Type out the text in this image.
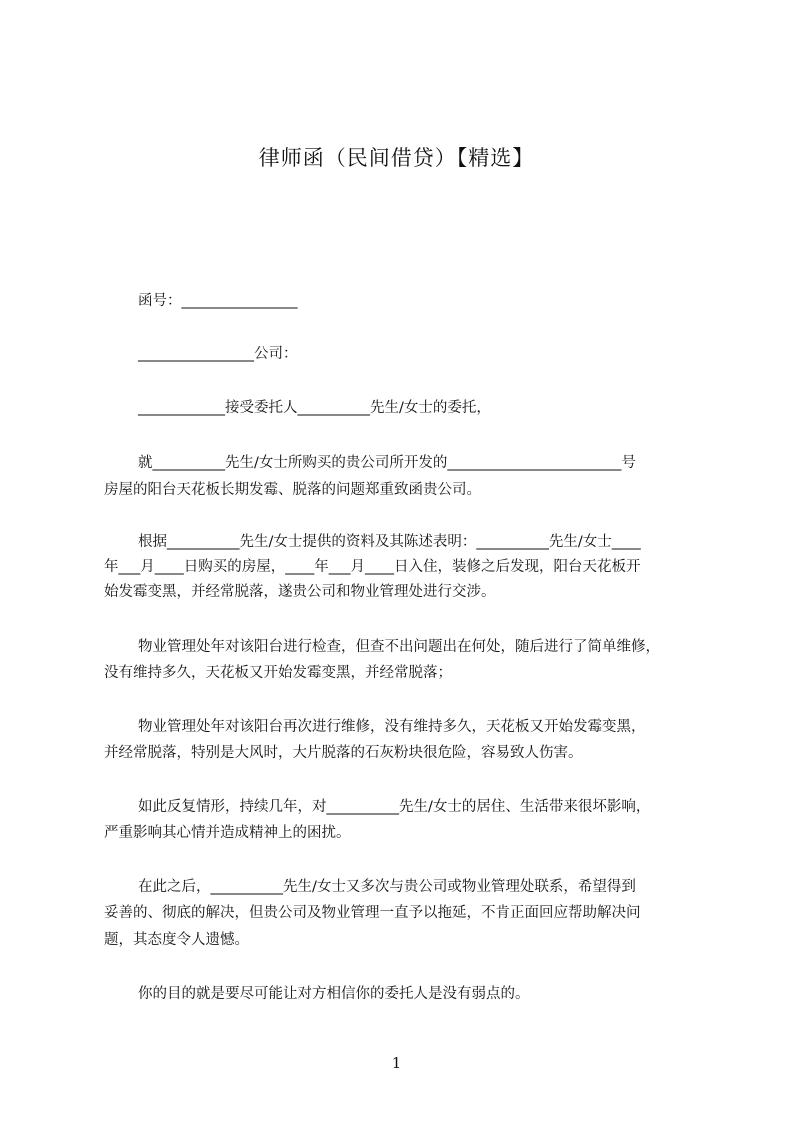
律师函（民间借贷）【精选】
函号：________________
________________公司：
____________接受委托人__________先生/女士的委托，
就__________先生/女士所购买的贵公司所开发的________________________号
房屋的阳台天花板长期发霉、脱落的问题郑重致函贵公司。
根据__________先生/女士提供的资料及其陈述表明：__________先生/女士____
年___月____日购买的房屋，____年___月____日入住，装修之后发现，阳台天花板开
始发霉变黑，并经常脱落，遂贵公司和物业管理处进行交涉。
物业管理处年对该阳台进行检查，但查不出问题出在何处，随后进行了简单维修，
没有维持多久，天花板又开始发霉变黑，并经常脱落；
物业管理处年对该阳台再次进行维修，没有维持多久，天花板又开始发霉变黑，
并经常脱落，特别是大风时，大片脱落的石灰粉块很危险，容易致人伤害。
如此反复情形，持续几年，对__________先生/女士的居住、生活带来很坏影响，
严重影响其心情并造成精神上的困扰。
在此之后，__________先生/女士又多次与贵公司或物业管理处联系，希望得到
妥善的、彻底的解决，但贵公司及物业管理一直予以拖延，不肯正面回应帮助解决问
题，其态度令人遗憾。
你的目的就是要尽可能让对方相信你的委托人是没有弱点的。
1
